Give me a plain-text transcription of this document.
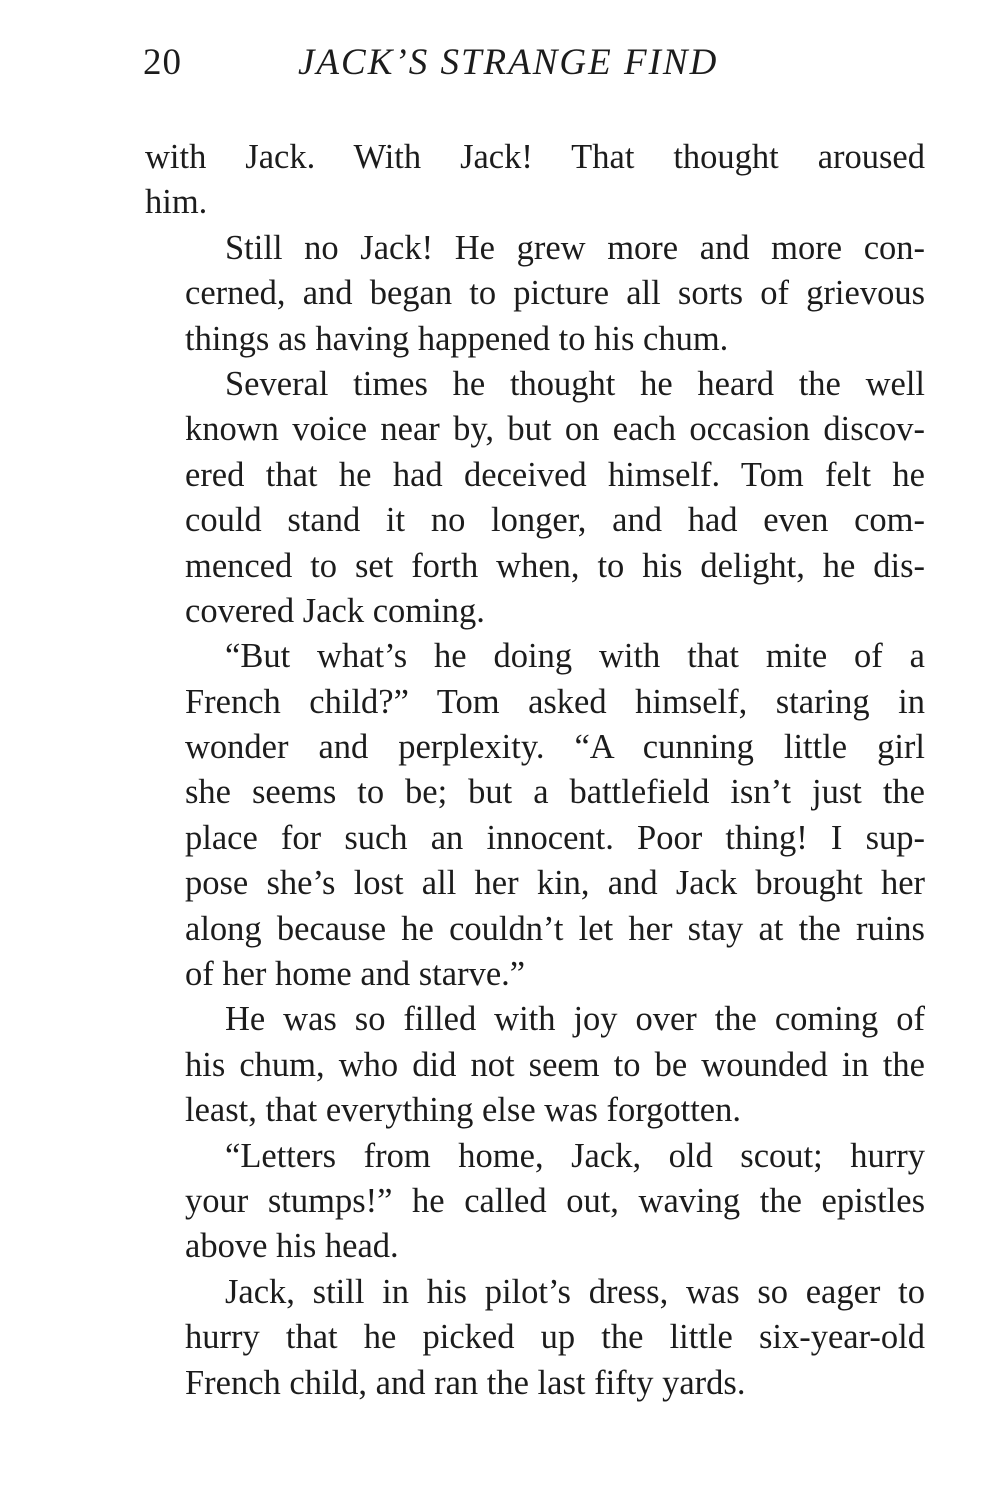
20	JACK’S STRANGE FIND
with Jack. With Jack! That thought aroused
him.
Still no Jack! He grew more and more con-
cerned, and began to picture all sorts of grievous
things as having happened to his chum.
Several times he thought he heard the well
known voice near by, but on each occasion discov-
ered that he had deceived himself. Tom felt he
could stand it no longer, and had even com-
menced to set forth when, to his delight, he dis-
covered Jack coming.
“But what’s he doing with that mite of a
French child?” Tom asked himself, staring in
wonder and perplexity. “A cunning little girl
she seems to be; but a battlefield isn’t just the
place for such an innocent. Poor thing! I sup-
pose she’s lost all her kin, and Jack brought her
along because he couldn’t let her stay at the ruins
of her home and starve.”
He was so filled with joy over the coming of
his chum, who did not seem to be wounded in the
least, that everything else was forgotten.
“Letters from home, Jack, old scout; hurry
your stumps!” he called out, waving the epistles
above his head.
Jack, still in his pilot’s dress, was so eager to
hurry that he picked up the little six-year-old
French child, and ran the last fifty yards.
